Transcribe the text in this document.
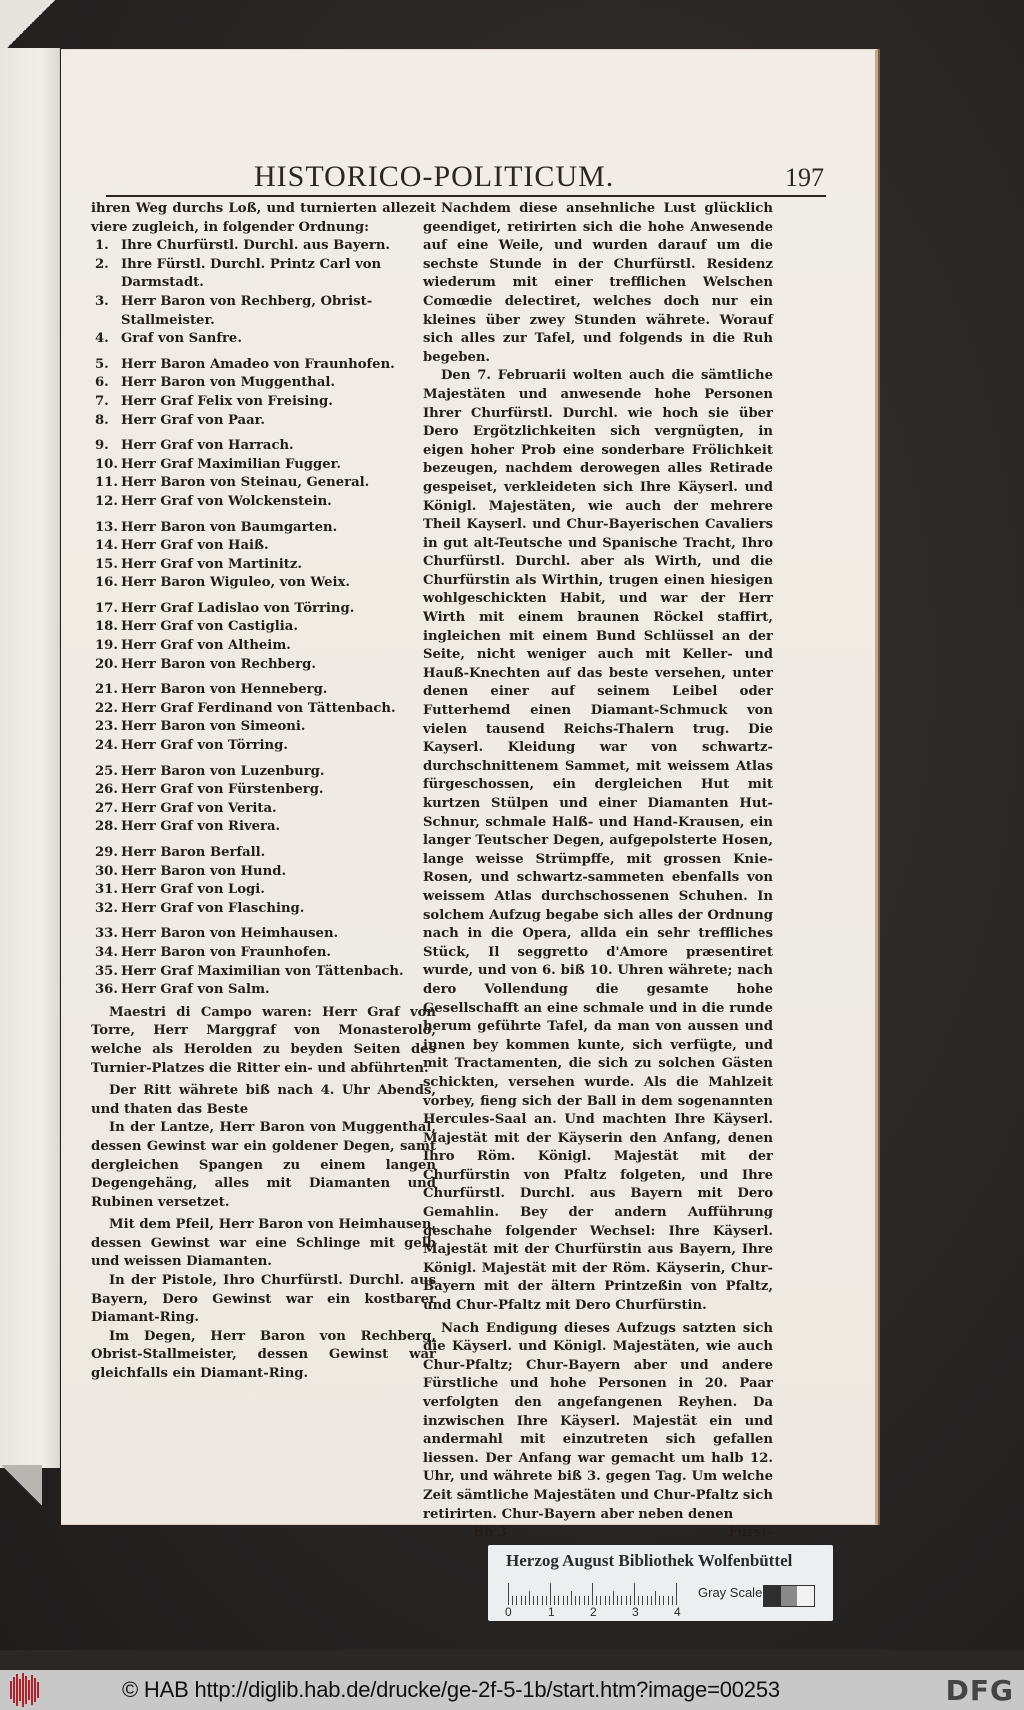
HISTORICO-POLITICUM.	197

ihren Weg durchs Loß, und turnierten allezeit viere zugleich, in folgender Ordnung:

1. Ihre Churfürstl. Durchl. aus Bayern.
2. Ihre Fürstl. Durchl. Printz Carl von Darmstadt.
3. Herr Baron von Rechberg, Obrist-Stallmeister.
4. Graf von Sanfre.
5. Herr Baron Amadeo von Fraunhofen.
6. Herr Baron von Muggenthal.
7. Herr Graf Felix von Freising.
8. Herr Graf von Paar.
9. Herr Graf von Harrach.
10. Herr Graf Maximilian Fugger.
11. Herr Baron von Steinau, General.
12. Herr Graf von Wolckenstein.
13. Herr Baron von Baumgarten.
14. Herr Graf von Haiß.
15. Herr Graf von Martinitz.
16. Herr Baron Wiguleo, von Weix.
17. Herr Graf Ladislao von Törring.
18. Herr Graf von Castiglia.
19. Herr Graf von Altheim.
20. Herr Baron von Rechberg.
21. Herr Baron von Henneberg.
22. Herr Graf Ferdinand von Tättenbach.
23. Herr Baron von Simeoni.
24. Herr Graf von Törring.
25. Herr Baron von Luzenburg.
26. Herr Graf von Fürstenberg.
27. Herr Graf von Verita.
28. Herr Graf von Rivera.
29. Herr Baron Berfall.
30. Herr Baron von Hund.
31. Herr Graf von Logi.
32. Herr Graf von Flasching.
33. Herr Baron von Heimhausen.
34. Herr Baron von Fraunhofen.
35. Herr Graf Maximilian von Tättenbach.
36. Herr Graf von Salm.

Maestri di Campo waren: Herr Graf von Torre, Herr Marggraf von Monasterolo, welche als Herolden zu beyden Seiten des Turnier-Platzes die Ritter ein- und abführten.

Der Ritt währete biß nach 4. Uhr Abends, und thaten das Beste

In der Lantze, Herr Baron von Muggenthal, dessen Gewinst war ein goldener Degen, samt dergleichen Spangen zu einem langen Degengehäng, alles mit Diamanten und Rubinen versetzet.

Mit dem Pfeil, Herr Baron von Heimhausen, dessen Gewinst war eine Schlinge mit gelb und weissen Diamanten.

In der Pistole, Ihro Churfürstl. Durchl. aus Bayern, Dero Gewinst war ein kostbarer Diamant-Ring.

Im Degen, Herr Baron von Rechberg, Obrist-Stallmeister, dessen Gewinst war gleichfalls ein Diamant-Ring.

Nachdem diese ansehnliche Lust glücklich geendiget, retirirten sich die hohe Anwesende auf eine Weile, und wurden darauf um die sechste Stunde in der Churfürstl. Residenz wiederum mit einer trefflichen Welschen Comœdie delectiret, welches doch nur ein kleines über zwey Stunden währete. Worauf sich alles zur Tafel, und folgends in die Ruh begeben.

Den 7. Februarii wolten auch die sämtliche Majestäten und anwesende hohe Personen Ihrer Churfürstl. Durchl. wie hoch sie über Dero Ergötzlichkeiten sich vergnügten, in eigen hoher Prob eine sonderbare Frölichkeit bezeugen, nachdem derowegen alles Retirade gespeiset, verkleideten sich Ihre Käyserl. und Königl. Majestäten, wie auch der mehrere Theil Kayserl. und Chur-Bayerischen Cavaliers in gut alt-Teutsche und Spanische Tracht, Ihro Churfürstl. Durchl. aber als Wirth, und die Churfürstin als Wirthin, trugen einen hiesigen wohlgeschickten Habit, und war der Herr Wirth mit einem braunen Röckel staffirt, ingleichen mit einem Bund Schlüssel an der Seite, nicht weniger auch mit Keller- und Hauß-Knechten auf das beste versehen, unter denen einer auf seinem Leibel oder Futterhemd einen Diamant-Schmuck von vielen tausend Reichs-Thalern trug. Die Kayserl. Kleidung war von schwartz-durchschnittenem Sammet, mit weissem Atlas fürgeschossen, ein dergleichen Hut mit kurtzen Stülpen und einer Diamanten Hut-Schnur, schmale Halß- und Hand-Krausen, ein langer Teutscher Degen, aufgepolsterte Hosen, lange weisse Strümpffe, mit grossen Knie-Rosen, und schwartz-sammeten ebenfalls von weissem Atlas durchschossenen Schuhen. In solchem Aufzug begabe sich alles der Ordnung nach in die Opera, allda ein sehr treffliches Stück, Il seggretto d'Amore præsentiret wurde, und von 6. biß 10. Uhren währete; nach dero Vollendung die gesamte hohe Gesellschafft an eine schmale und in die runde herum geführte Tafel, da man von aussen und innen bey kommen kunte, sich verfügte, und mit Tractamenten, die sich zu solchen Gästen schickten, versehen wurde. Als die Mahlzeit vorbey, fieng sich der Ball in dem sogenannten Hercules-Saal an. Und machten Ihre Käyserl. Majestät mit der Käyserin den Anfang, denen Ihro Röm. Königl. Majestät mit der Churfürstin von Pfaltz folgeten, und Ihre Churfürstl. Durchl. aus Bayern mit Dero Gemahlin. Bey der andern Aufführung geschahe folgender Wechsel: Ihre Käyserl. Majestät mit der Churfürstin aus Bayern, Ihre Königl. Majestät mit der Röm. Käyserin, Chur-Bayern mit der ältern Printzeßin von Pfaltz, und Chur-Pfaltz mit Dero Churfürstin.

Nach Endigung dieses Aufzugs satzten sich die Käyserl. und Königl. Majestäten, wie auch Chur-Pfaltz; Chur-Bayern aber und andere Fürstliche und hohe Personen in 20. Paar verfolgten den angefangenen Reyhen. Da inzwischen Ihre Käyserl. Majestät ein und andermahl mit einzutreten sich gefallen liessen. Der Anfang war gemacht um halb 12. Uhr, und währete biß 3. gegen Tag. Um welche Zeit sämtliche Majestäten und Chur-Pfaltz sich retirirten. Chur-Bayern aber neben denen

Bb 3	Fürst-
Herzog August Bibliothek Wolfenbüttel
0	1	2	3	4
Gray Scale
© HAB http://diglib.hab.de/drucke/ge-2f-5-1b/start.htm?image=00253	DFG
